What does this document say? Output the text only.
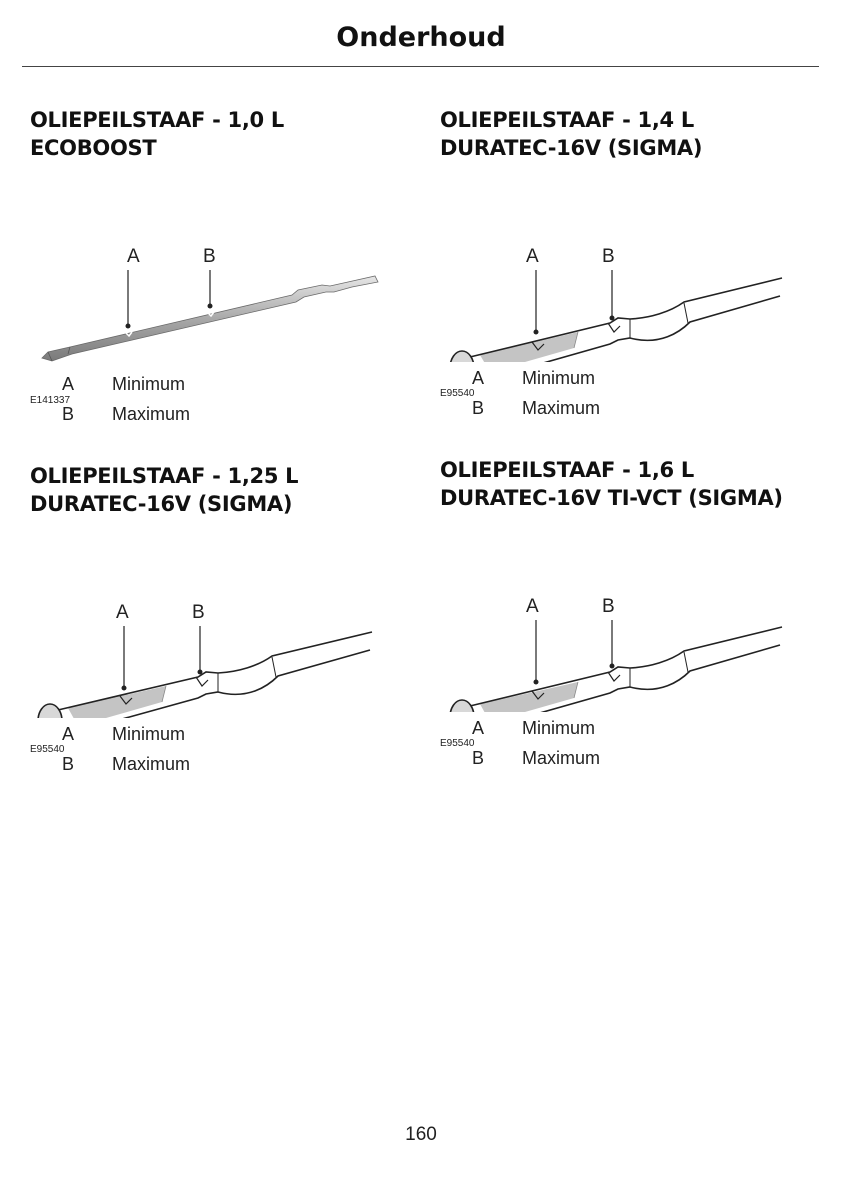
Onderhoud
OLIEPEILSTAAF - 1,0 L
ECOBOOST
A	B
E141337
A Minimum
B Maximum
OLIEPEILSTAAF - 1,4 L
DURATEC-16V (SIGMA)
A	B
E95540
A Minimum
B Maximum
OLIEPEILSTAAF - 1,25 L
DURATEC-16V (SIGMA)
A	B
E95540
A Minimum
B Maximum
OLIEPEILSTAAF - 1,6 L
DURATEC-16V TI-VCT (SIGMA)
A	B
E95540
A Minimum
B Maximum
160
